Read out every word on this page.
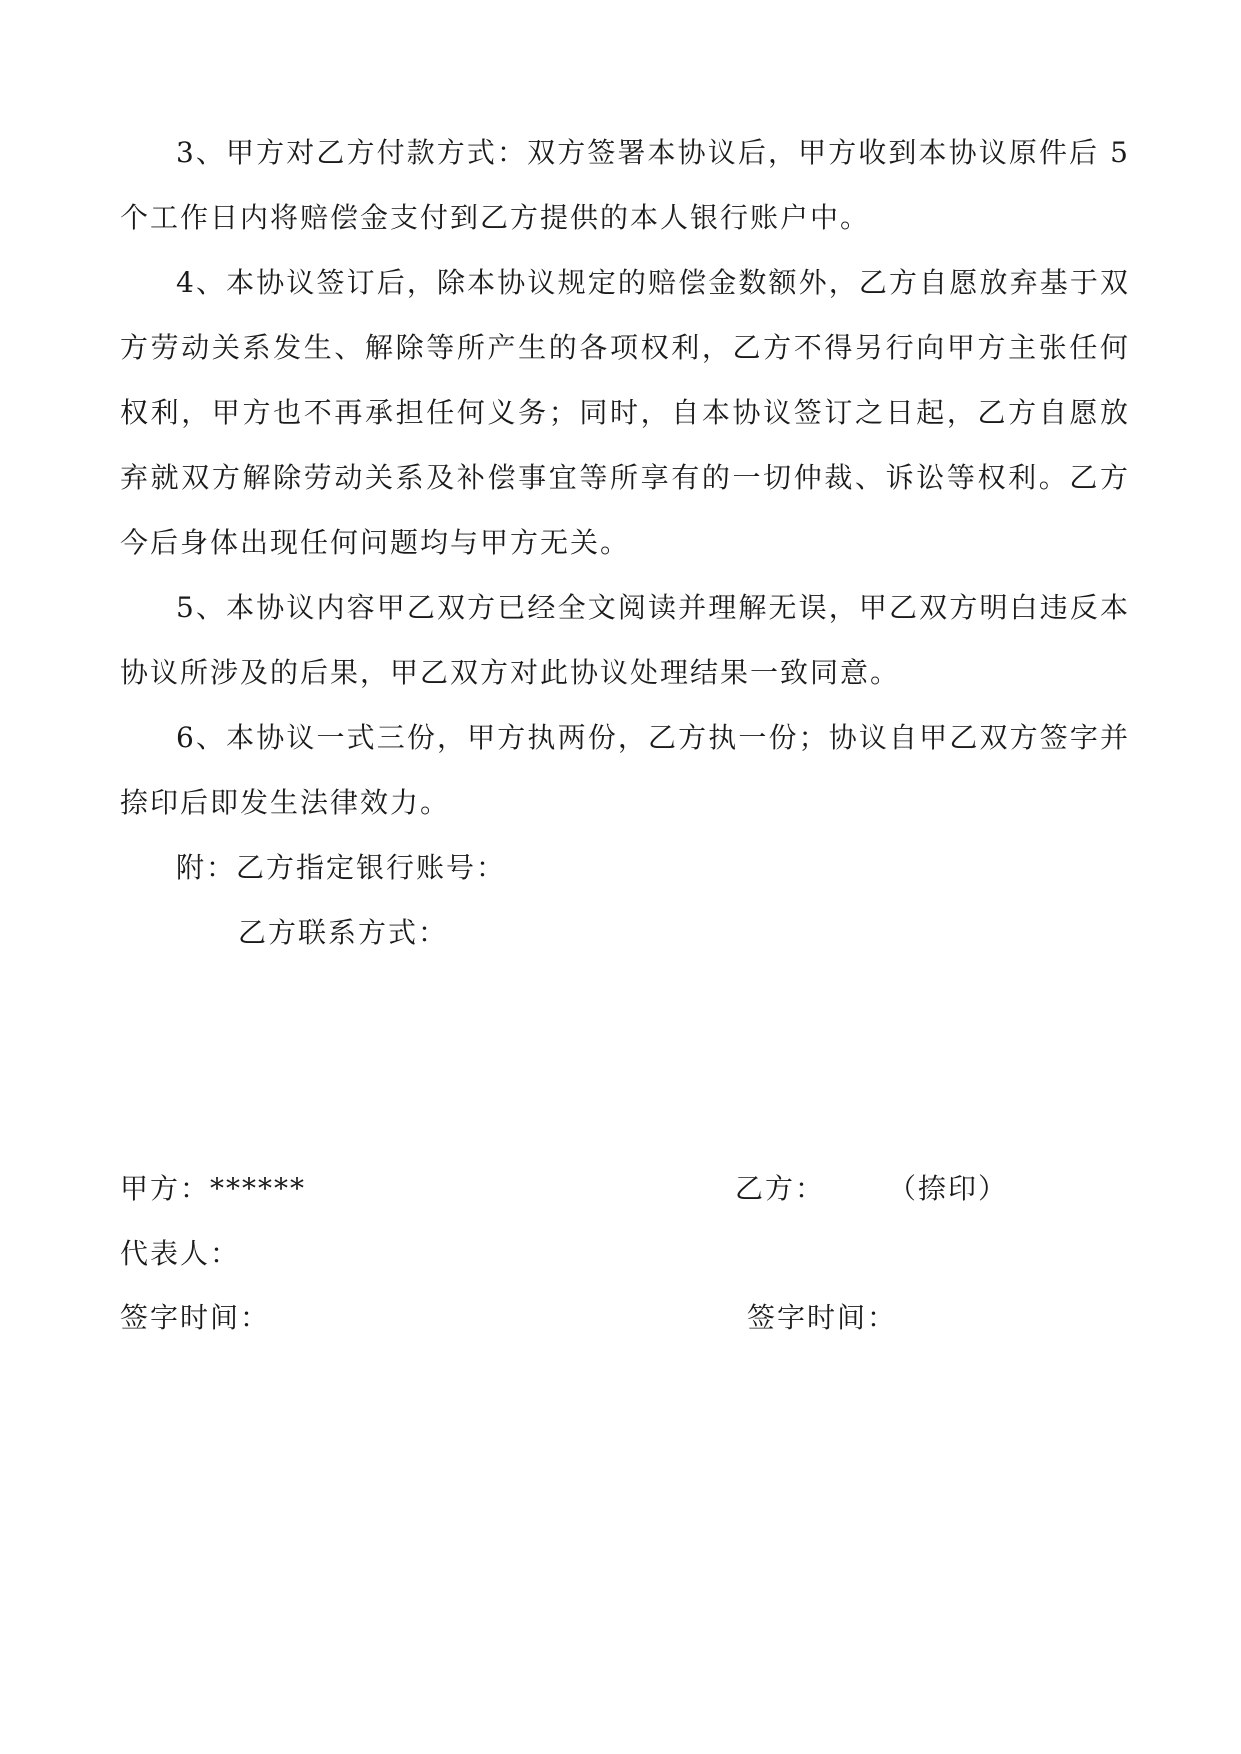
3、甲方对乙方付款方式：双方签署本协议后，甲方收到本协议原件后 5 个工作日内将赔偿金支付到乙方提供的本人银行账户中。

4、本协议签订后，除本协议规定的赔偿金数额外，乙方自愿放弃基于双方劳动关系发生、解除等所产生的各项权利，乙方不得另行向甲方主张任何权利，甲方也不再承担任何义务；同时，自本协议签订之日起，乙方自愿放弃就双方解除劳动关系及补偿事宜等所享有的一切仲裁、诉讼等权利。乙方今后身体出现任何问题均与甲方无关。

5、本协议内容甲乙双方已经全文阅读并理解无误，甲乙双方明白违反本协议所涉及的后果，甲乙双方对此协议处理结果一致同意。

6、本协议一式三份，甲方执两份，乙方执一份；协议自甲乙双方签字并捺印后即发生法律效力。

附：乙方指定银行账号：

乙方联系方式：

甲方：******
代表人：
签字时间：
乙方： （捺印）
签字时间：
